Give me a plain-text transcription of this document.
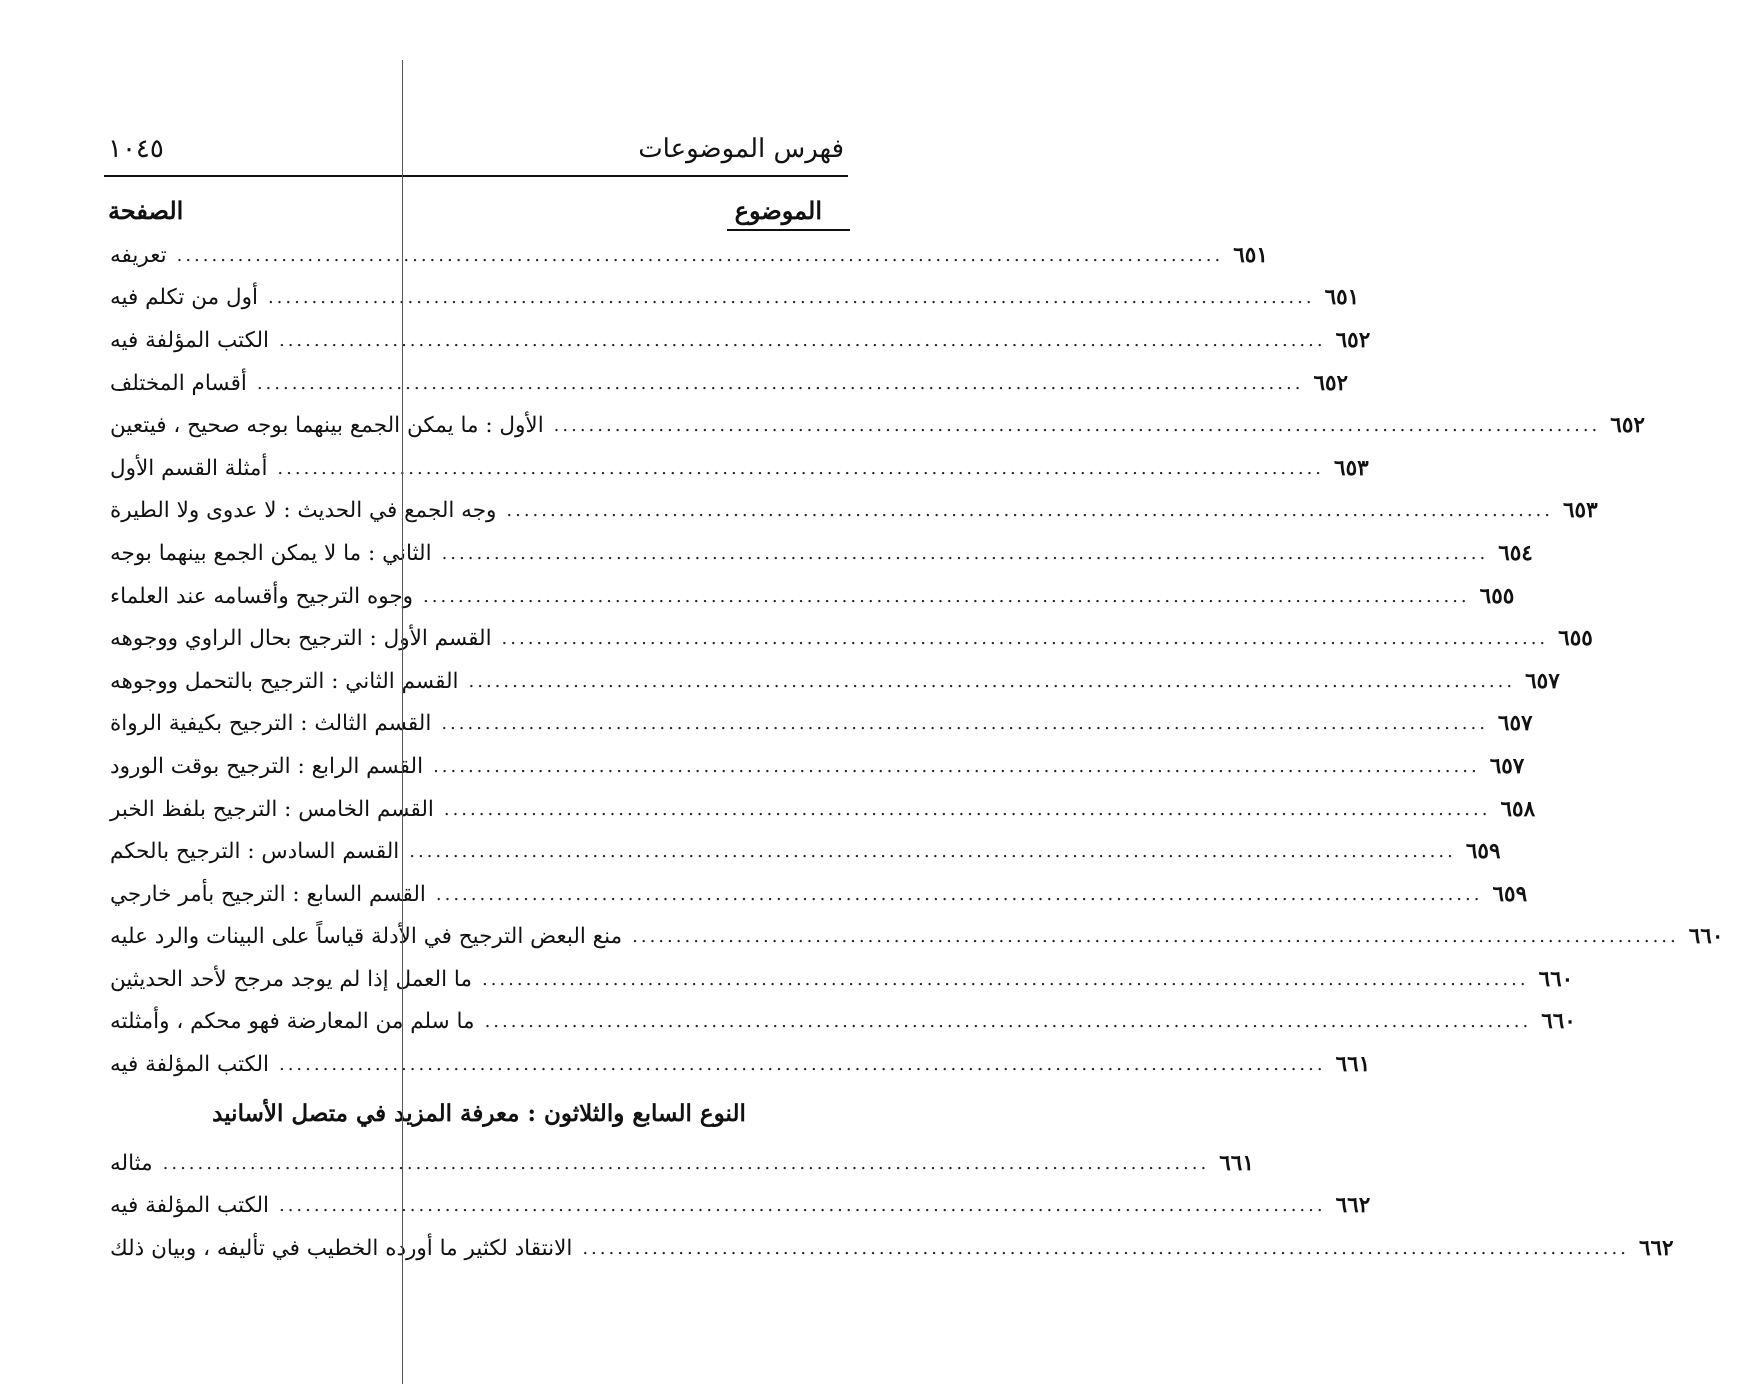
فهرس الموضوعات
١٠٤٥
الموضوع
الصفحة
تعريفه ........................................................................................................................ ٦٥١
أول من تكلم فيه ........................................................................................................................ ٦٥١
الكتب المؤلفة فيه ........................................................................................................................ ٦٥٢
أقسام المختلف ........................................................................................................................ ٦٥٢
الأول : ما يمكن الجمع بينهما بوجه صحيح ، فيتعين ........................................................................................................................ ٦٥٢
أمثلة القسم الأول ........................................................................................................................ ٦٥٣
وجه الجمع في الحديث : لا عدوى ولا الطيرة ........................................................................................................................ ٦٥٣
الثاني : ما لا يمكن الجمع بينهما بوجه ........................................................................................................................ ٦٥٤
وجوه الترجيح وأقسامه عند العلماء ........................................................................................................................ ٦٥٥
القسم الأول : الترجيح بحال الراوي ووجوهه ........................................................................................................................ ٦٥٥
القسم الثاني : الترجيح بالتحمل ووجوهه ........................................................................................................................ ٦٥٧
القسم الثالث : الترجيح بكيفية الرواة ........................................................................................................................ ٦٥٧
القسم الرابع : الترجيح بوقت الورود ........................................................................................................................ ٦٥٧
القسم الخامس : الترجيح بلفظ الخبر ........................................................................................................................ ٦٥٨
القسم السادس : الترجيح بالحكم ........................................................................................................................ ٦٥٩
القسم السابع : الترجيح بأمر خارجي ........................................................................................................................ ٦٥٩
منع البعض الترجيح في الأدلة قياساً على البينات والرد عليه ........................................................................................................................ ٦٦٠
ما العمل إذا لم يوجد مرجح لأحد الحديثين ........................................................................................................................ ٦٦٠
ما سلم من المعارضة فهو محكم ، وأمثلته ........................................................................................................................ ٦٦٠
الكتب المؤلفة فيه ........................................................................................................................ ٦٦١
النوع السابع والثلاثون : معرفة المزيد في متصل الأسانيد
مثاله ........................................................................................................................ ٦٦١
الكتب المؤلفة فيه ........................................................................................................................ ٦٦٢
الانتقاد لكثير ما أورده الخطيب في تأليفه ، وبيان ذلك ........................................................................................................................ ٦٦٢
